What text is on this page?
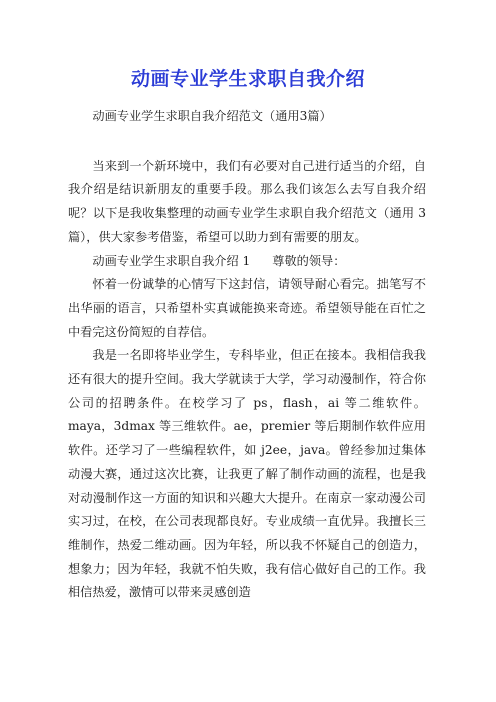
动画专业学生求职自我介绍

动画专业学生求职自我介绍范文（通用3篇）

当来到一个新环境中，我们有必要对自己进行适当的介绍，自我介绍是结识新朋友的重要手段。那么我们该怎么去写自我介绍呢？以下是我收集整理的动画专业学生求职自我介绍范文（通用 3 篇），供大家参考借鉴，希望可以助力到有需要的朋友。

动画专业学生求职自我介绍 1 尊敬的领导：

怀着一份诚挚的心情写下这封信，请领导耐心看完。拙笔写不出华丽的语言，只希望朴实真诚能换来奇迹。希望领导能在百忙之中看完这份简短的自荐信。

我是一名即将毕业学生，专科毕业，但正在接本。我相信我我还有很大的提升空间。我大学就读于大学，学习动漫制作，符合你公司的招聘条件。在校学习了 ps，flash，ai 等二维软件。maya，3dmax 等三维软件。ae，premier 等后期制作软件应用软件。还学习了一些编程软件，如 j2ee，java。曾经参加过集体动漫大赛，通过这次比赛，让我更了解了制作动画的流程，也是我对动漫制作这一方面的知识和兴趣大大提升。在南京一家动漫公司实习过，在校，在公司表现都良好。专业成绩一直优异。我擅长三维制作，热爱二维动画。因为年轻，所以我不怀疑自己的创造力，想象力；因为年轻，我就不怕失败，我有信心做好自己的工作。我相信热爱，激情可以带来灵感创造
